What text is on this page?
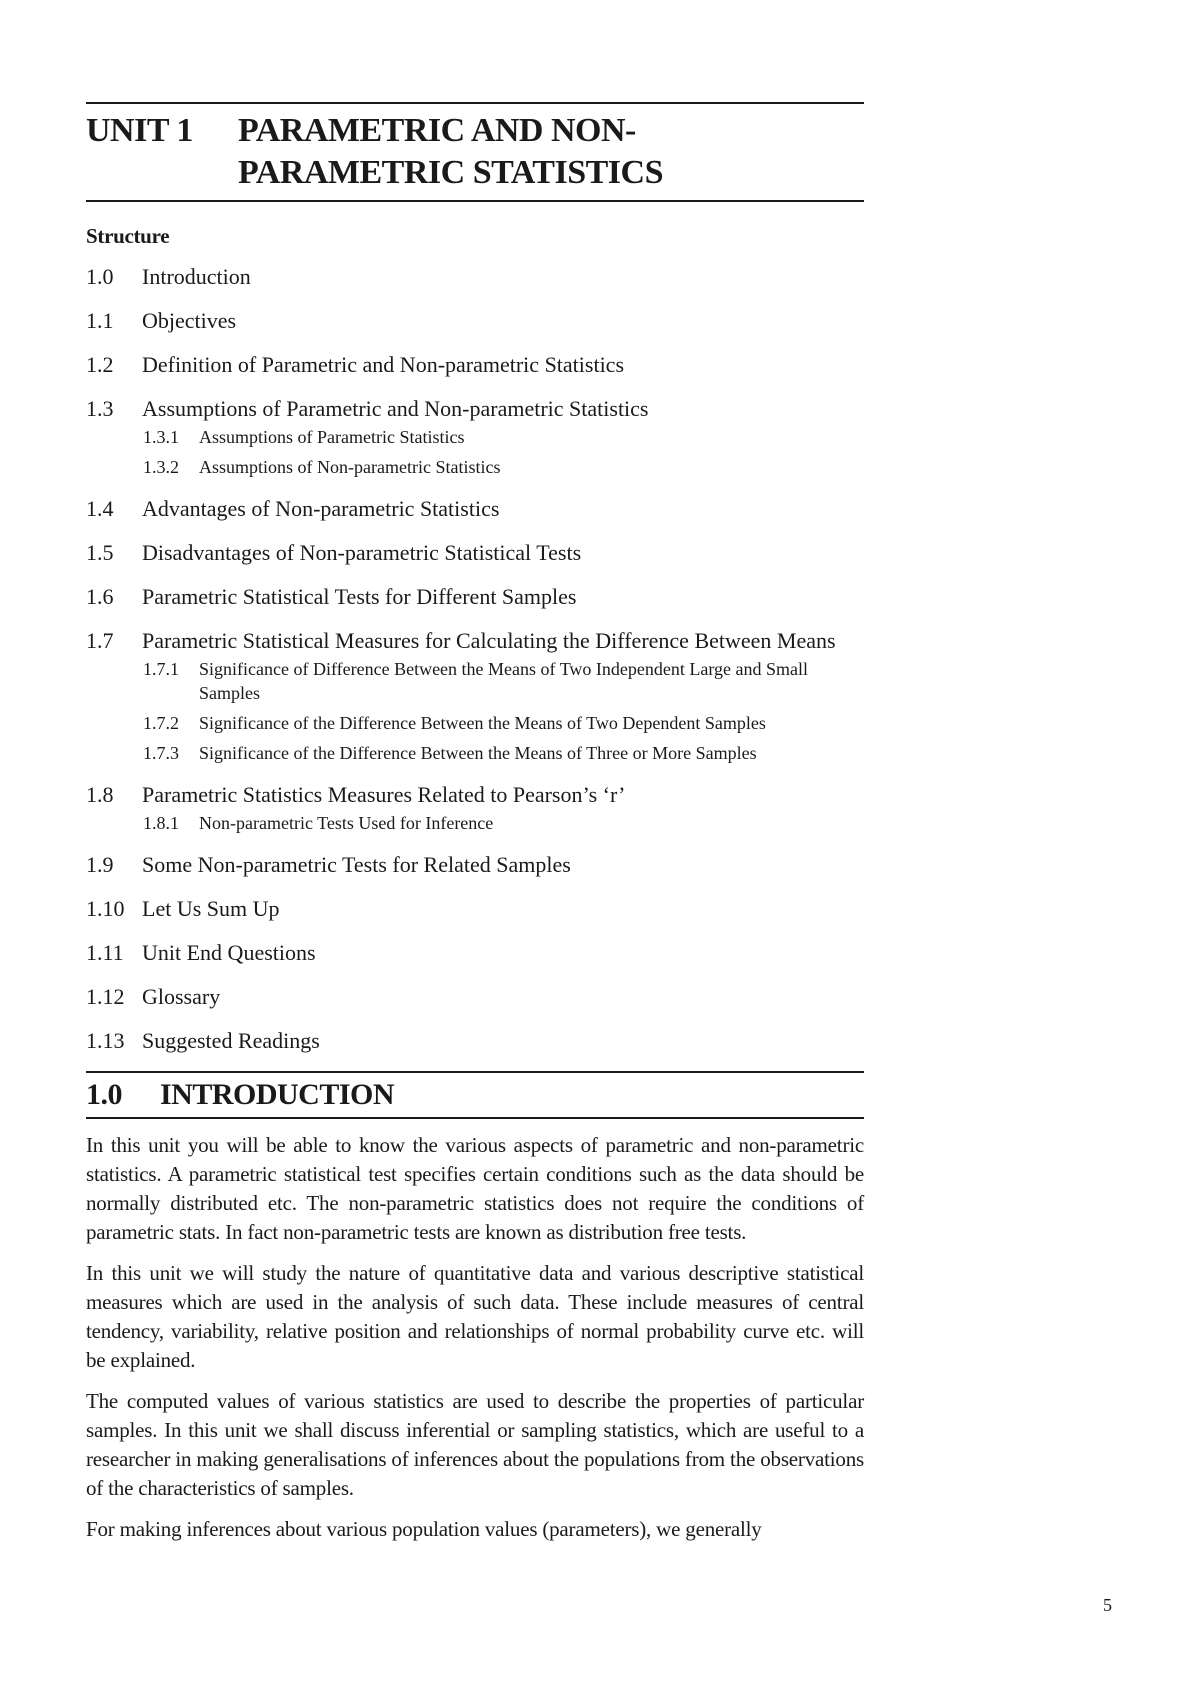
UNIT 1	PARAMETRIC AND NON-
PARAMETRIC STATISTICS
Structure
1.0	Introduction
1.1	Objectives
1.2	Definition of Parametric and Non-parametric Statistics
1.3	Assumptions of Parametric and Non-parametric Statistics
1.3.1	Assumptions of Parametric Statistics
1.3.2	Assumptions of Non-parametric Statistics
1.4	Advantages of Non-parametric Statistics
1.5	Disadvantages of Non-parametric Statistical Tests
1.6	Parametric Statistical Tests for Different Samples
1.7	Parametric Statistical Measures for Calculating the Difference Between Means
1.7.1	Significance of Difference Between the Means of Two Independent Large and Small Samples
1.7.2	Significance of the Difference Between the Means of Two Dependent Samples
1.7.3	Significance of the Difference Between the Means of Three or More Samples
1.8	Parametric Statistics Measures Related to Pearson’s ‘r’
1.8.1	Non-parametric Tests Used for Inference
1.9	Some Non-parametric Tests for Related Samples
1.10 Let Us Sum Up
1.11 Unit End Questions
1.12 Glossary
1.13 Suggested Readings
1.0	INTRODUCTION

In this unit you will be able to know the various aspects of parametric and non-parametric statistics. A parametric statistical test specifies certain conditions such as the data should be normally distributed etc. The non-parametric statistics does not require the conditions of parametric stats. In fact non-parametric tests are known as distribution free tests.

In this unit we will study the nature of quantitative data and various descriptive statistical measures which are used in the analysis of such data. These include measures of central tendency, variability, relative position and relationships of normal probability curve etc. will be explained.

The computed values of various statistics are used to describe the properties of particular samples. In this unit we shall discuss inferential or sampling statistics, which are useful to a researcher in making generalisations of inferences about the populations from the observations of the characteristics of samples.

For making inferences about various population values (parameters), we generally

5
